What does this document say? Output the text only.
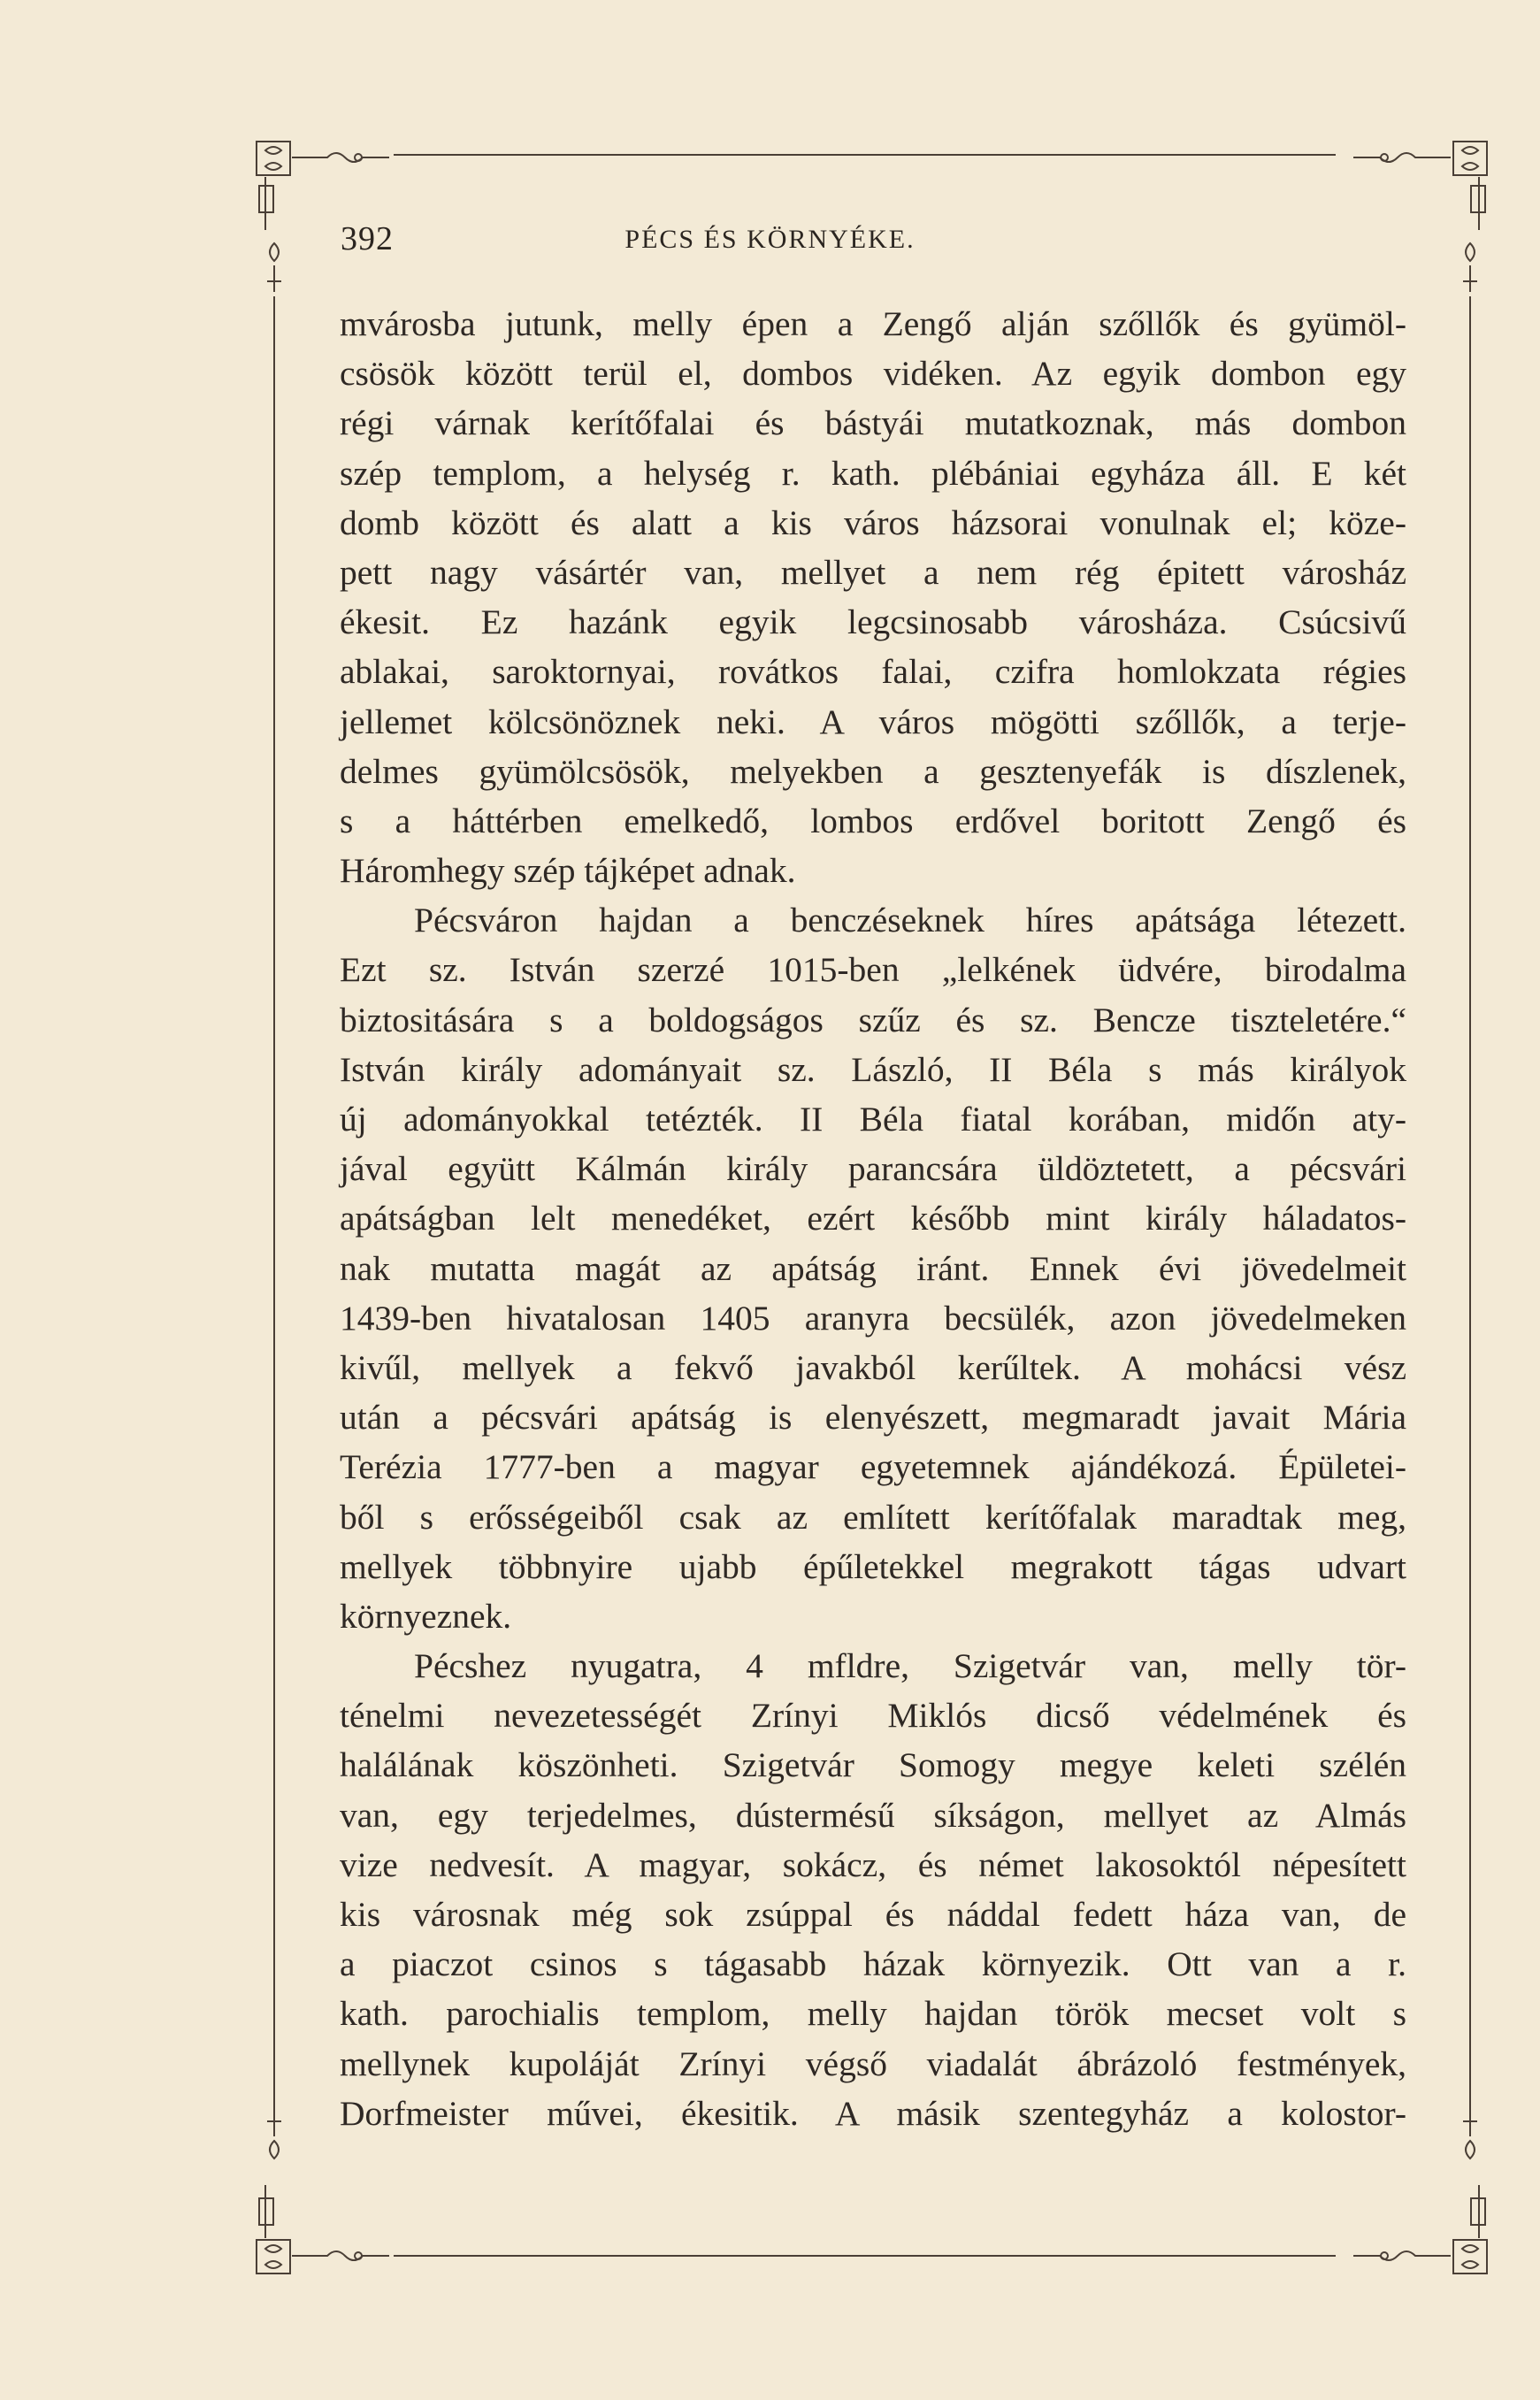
392	PÉCS ÉS KÖRNYÉKE.
mvárosba jutunk, melly épen a Zengő alján szőllők és gyümöl-
csösök között terül el, dombos vidéken. Az egyik dombon egy
régi várnak kerítőfalai és bástyái mutatkoznak, más dombon
szép templom, a helység r. kath. plébániai egyháza áll. E két
domb között és alatt a kis város házsorai vonulnak el; köze-
pett nagy vásártér van, mellyet a nem rég épitett városház
ékesit. Ez hazánk egyik legcsinosabb városháza. Csúcsivű
ablakai, saroktornyai, rovátkos falai, czifra homlokzata régies
jellemet kölcsönöznek neki. A város mögötti szőllők, a terje-
delmes gyümölcsösök, melyekben a gesztenyefák is díszlenek,
s a háttérben emelkedő, lombos erdővel boritott Zengő és
Háromhegy szép tájképet adnak.
Pécsváron hajdan a benczéseknek híres apátsága létezett.
Ezt sz. István szerzé 1015-ben „lelkének üdvére, birodalma
biztositására s a boldogságos szűz és sz. Bencze tiszteletére.“
István király adományait sz. László, II Béla s más királyok
új adományokkal tetézték. II Béla fiatal korában, midőn aty-
jával együtt Kálmán király parancsára üldöztetett, a pécsvári
apátságban lelt menedéket, ezért később mint király háladatos-
nak mutatta magát az apátság iránt. Ennek évi jövedelmeit
1439-ben hivatalosan 1405 aranyra becsülék, azon jövedelmeken
kivűl, mellyek a fekvő javakból kerűltek. A mohácsi vész
után a pécsvári apátság is elenyészett, megmaradt javait Mária
Terézia 1777-ben a magyar egyetemnek ajándékozá. Épületei-
ből s erősségeiből csak az említett kerítőfalak maradtak meg,
mellyek többnyire ujabb épűletekkel megrakott tágas udvart
környeznek.
Pécshez nyugatra, 4 mfldre, Szigetvár van, melly tör-
ténelmi nevezetességét Zrínyi Miklós dicső védelmének és
halálának köszönheti. Szigetvár Somogy megye keleti szélén
van, egy terjedelmes, dústermésű síkságon, mellyet az Almás
vize nedvesít. A magyar, sokácz, és német lakosoktól népesített
kis városnak még sok zsúppal és náddal fedett háza van, de
a piaczot csinos s tágasabb házak környezik. Ott van a r.
kath. parochialis templom, melly hajdan török mecset volt s
mellynek kupoláját Zrínyi végső viadalát ábrázoló festmények,
Dorfmeister művei, ékesitik. A másik szentegyház a kolostor-
